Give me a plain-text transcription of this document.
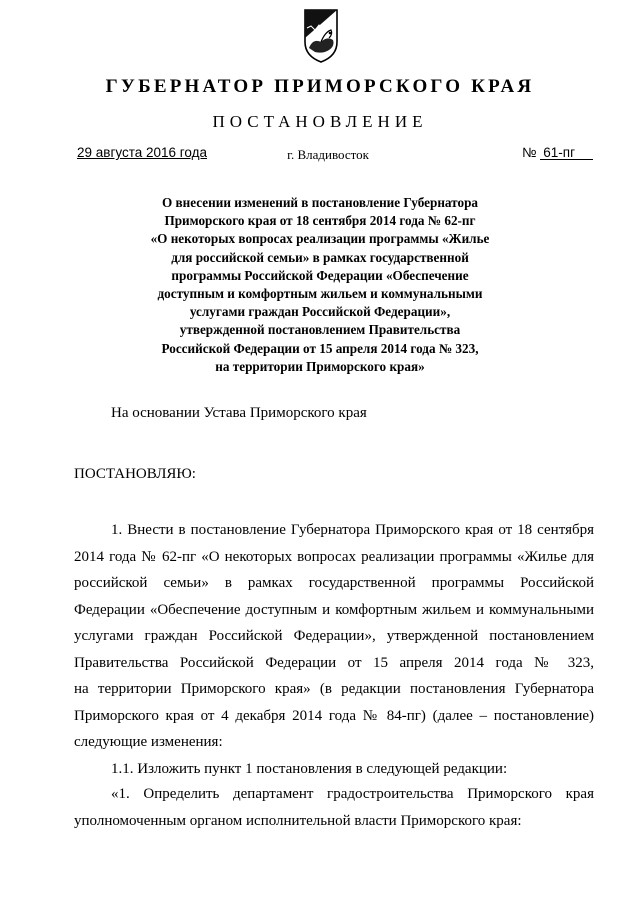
ГУБЕРНАТОР ПРИМОРСКОГО КРАЯ
ПОСТАНОВЛЕНИЕ
29 августа 2016 года	г. Владивосток	№ 61-пг
О внесении изменений в постановление Губернатора
Приморского края от 18 сентября 2014 года № 62-пг
«О некоторых вопросах реализации программы «Жилье
для российской семьи» в рамках государственной
программы Российской Федерации «Обеспечение
доступным и комфортным жильем и коммунальными
услугами граждан Российской Федерации»,
утвержденной постановлением Правительства
Российской Федерации от 15 апреля 2014 года № 323,
на территории Приморского края»
На основании Устава Приморского края
ПОСТАНОВЛЯЮ:
1. Внести в постановление Губернатора Приморского края от 18 сентября
2014 года № 62-пг «О некоторых вопросах реализации программы «Жилье для
российской семьи» в рамках государственной программы Российской
Федерации «Обеспечение доступным и комфортным жильем и коммунальными
услугами граждан Российской Федерации», утвержденной постановлением
Правительства Российской Федерации от 15 апреля 2014 года № 323,
на территории Приморского края» (в редакции постановления Губернатора
Приморского края от 4 декабря 2014 года № 84-пг) (далее – постановление)
следующие изменения:
1.1. Изложить пункт 1 постановления в следующей редакции:
«1. Определить департамент градостроительства Приморского края
уполномоченным органом исполнительной власти Приморского края:
